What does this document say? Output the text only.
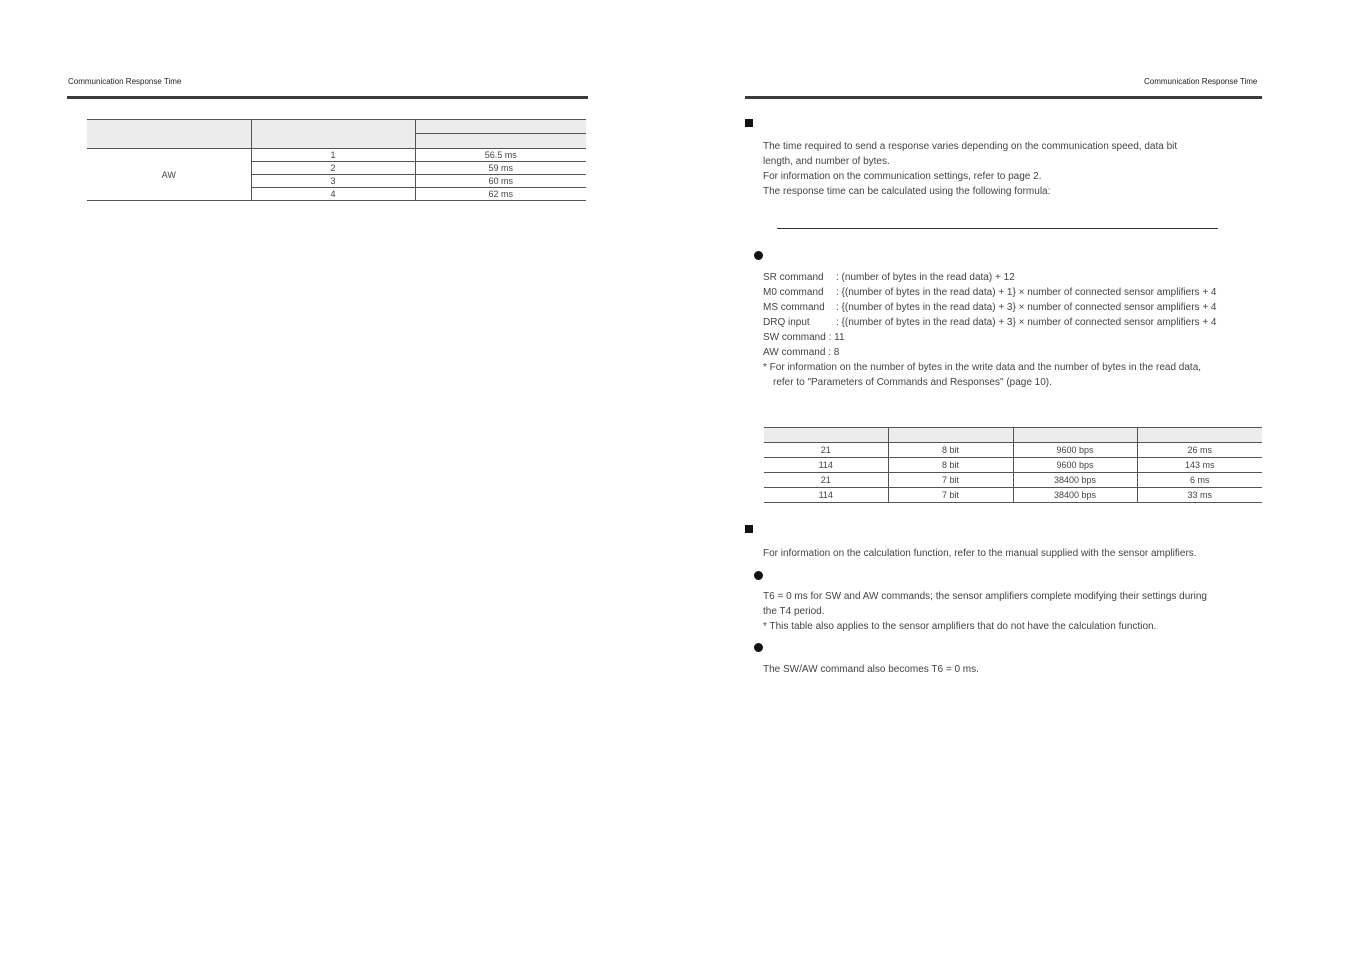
Communication Response Time

AW	1	56.5 ms
	2	59 ms
	3	60 ms
	4	62 ms
Communication Response Time
The time required to send a response varies depending on the communication speed, data bit
length, and number of bytes.
For information on the communication settings, refer to page 2.
The response time can be calculated using the following formula:
SR command : (number of bytes in the read data) + 12
M0 command : {(number of bytes in the read data) + 1} × number of connected sensor amplifiers + 4
MS command : {(number of bytes in the read data) + 3} × number of connected sensor amplifiers + 4
DRQ input	: {(number of bytes in the read data) + 3} × number of connected sensor amplifiers + 4
SW command : 11
AW command : 8
* For information on the number of bytes in the write data and the number of bytes in the read data,
refer to "Parameters of Commands and Responses" (page 10).

21	8 bit	9600 bps	26 ms
114	8 bit	9600 bps	143 ms
21	7 bit	38400 bps	6 ms
114	7 bit	38400 bps	33 ms
For information on the calculation function, refer to the manual supplied with the sensor amplifiers.
T6 = 0 ms for SW and AW commands; the sensor amplifiers complete modifying their settings during
the T4 period.
* This table also applies to the sensor amplifiers that do not have the calculation function.
The SW/AW command also becomes T6 = 0 ms.
